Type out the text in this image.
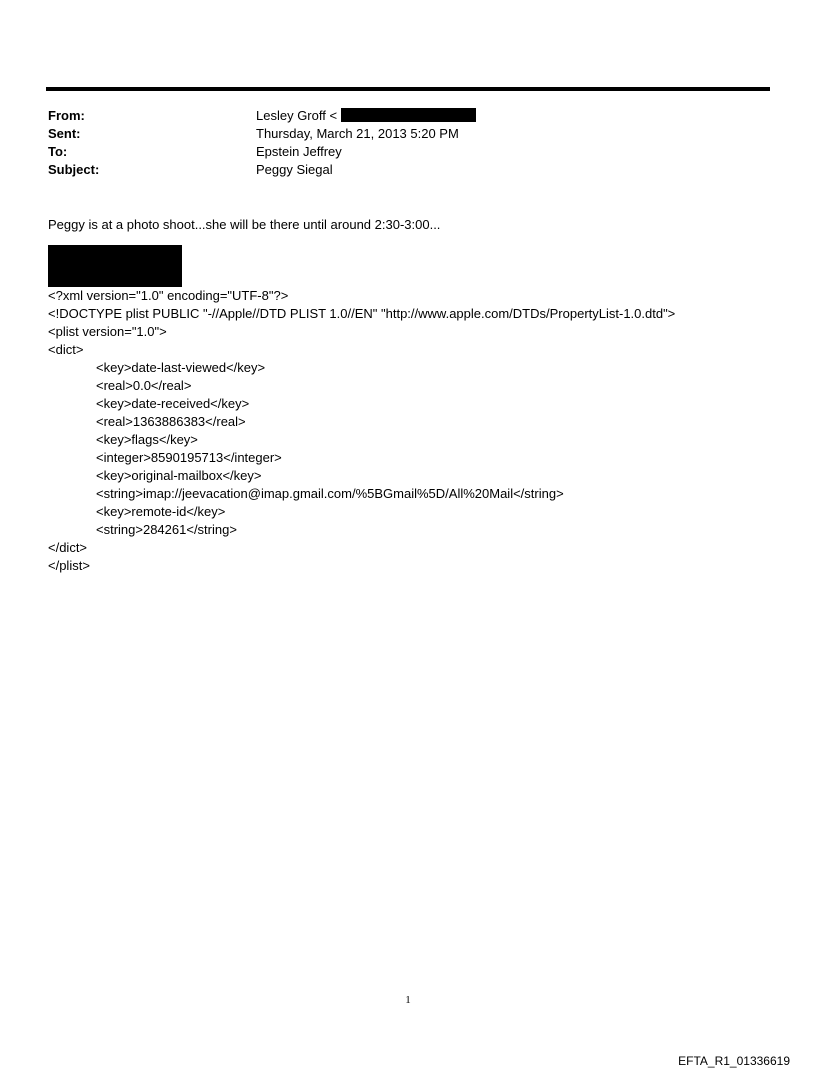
From:	Lesley Groff <
Sent:	Thursday, March 21, 2013 5:20 PM
To:	Epstein Jeffrey
Subject:	Peggy Siegal
Peggy is at a photo shoot...she will be there until around 2:30-3:00...
<?xml version="1.0" encoding="UTF-8"?>
<!DOCTYPE plist PUBLIC "-//Apple//DTD PLIST 1.0//EN" "http://www.apple.com/DTDs/PropertyList-1.0.dtd">
<plist version="1.0">
<dict>
<key>date-last-viewed</key>
<real>0.0</real>
<key>date-received</key>
<real>1363886383</real>
<key>flags</key>
<integer>8590195713</integer>
<key>original-mailbox</key>
<string>imap://jeevacation@imap.gmail.com/%5BGmail%5D/All%20Mail</string>
<key>remote-id</key>
<string>284261</string>
</dict>
</plist>
1
EFTA_R1_01336619
